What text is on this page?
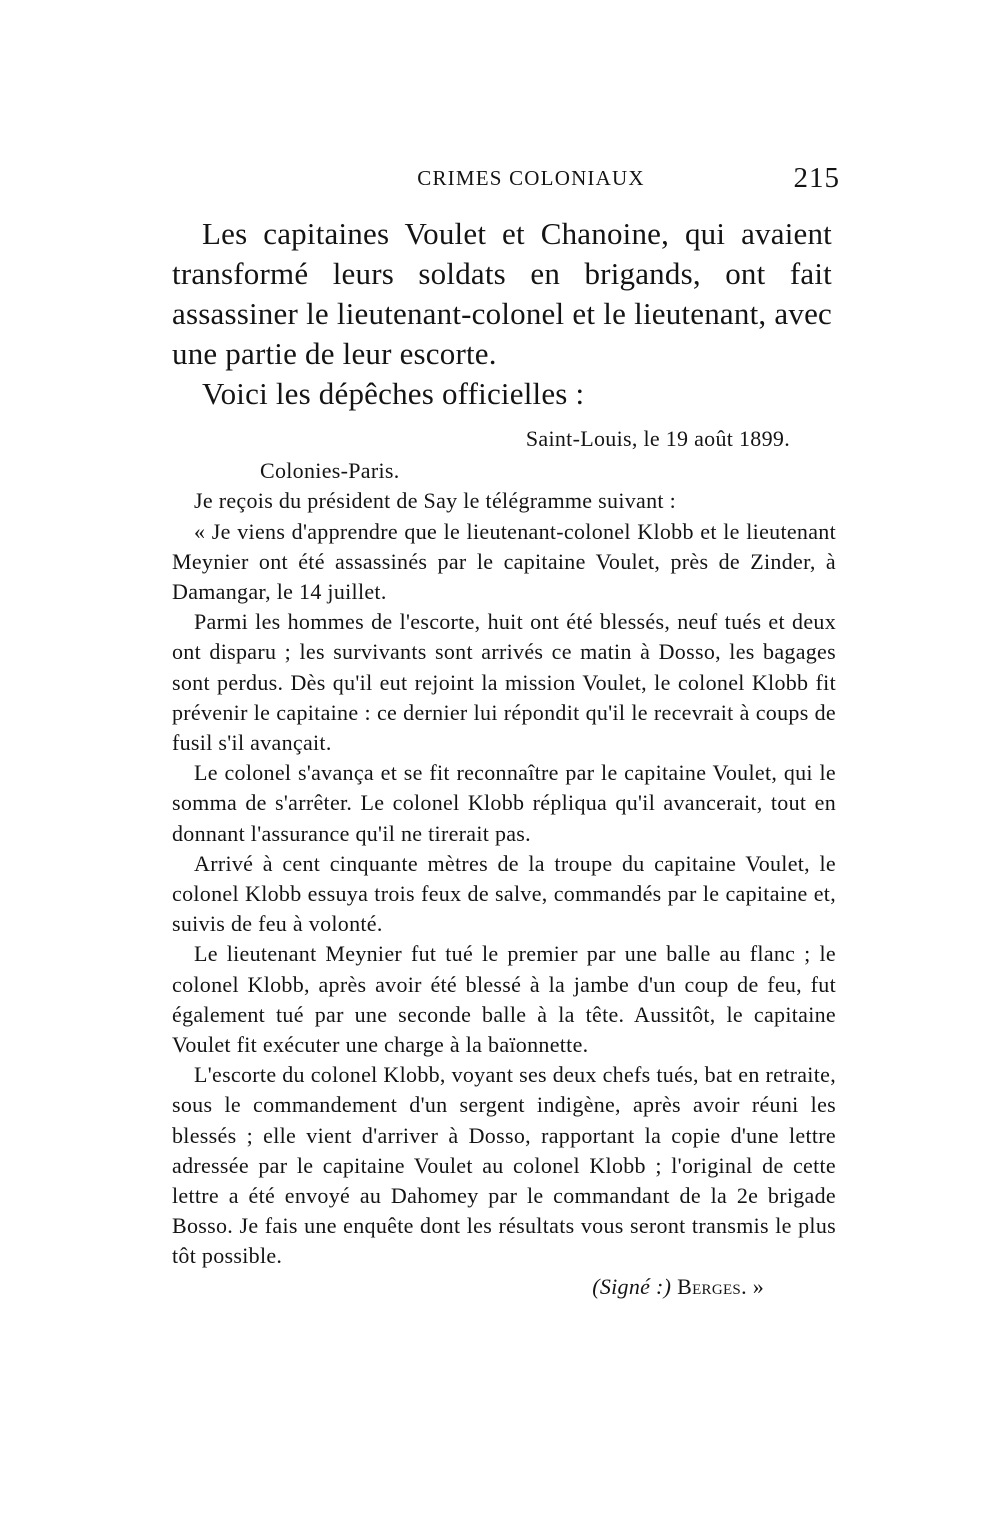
CRIMES COLONIAUX	215

Les capitaines Voulet et Chanoine, qui avaient transformé leurs soldats en brigands, ont fait assassiner le lieutenant-colonel et le lieutenant, avec une partie de leur escorte.

Voici les dépêches officielles :

Saint-Louis, le 19 août 1899.

Colonies-Paris.

Je reçois du président de Say le télégramme suivant :

« Je viens d'apprendre que le lieutenant-colonel Klobb et le lieutenant Meynier ont été assassinés par le capitaine Voulet, près de Zinder, à Damangar, le 14 juillet.

Parmi les hommes de l'escorte, huit ont été blessés, neuf tués et deux ont disparu ; les survivants sont arrivés ce matin à Dosso, les bagages sont perdus. Dès qu'il eut rejoint la mission Voulet, le colonel Klobb fit prévenir le capitaine : ce dernier lui répondit qu'il le recevrait à coups de fusil s'il avançait.

Le colonel s'avança et se fit reconnaître par le capitaine Voulet, qui le somma de s'arrêter. Le colonel Klobb répliqua qu'il avancerait, tout en donnant l'assurance qu'il ne tirerait pas.

Arrivé à cent cinquante mètres de la troupe du capitaine Voulet, le colonel Klobb essuya trois feux de salve, commandés par le capitaine et, suivis de feu à volonté.

Le lieutenant Meynier fut tué le premier par une balle au flanc ; le colonel Klobb, après avoir été blessé à la jambe d'un coup de feu, fut également tué par une seconde balle à la tête. Aussitôt, le capitaine Voulet fit exécuter une charge à la baïonnette.

L'escorte du colonel Klobb, voyant ses deux chefs tués, bat en retraite, sous le commandement d'un sergent indigène, après avoir réuni les blessés ; elle vient d'arriver à Dosso, rapportant la copie d'une lettre adressée par le capitaine Voulet au colonel Klobb ; l'original de cette lettre a été envoyé au Dahomey par le commandant de la 2e brigade Bosso. Je fais une enquête dont les résultats vous seront transmis le plus tôt possible.

(Signé :) Berges. »
